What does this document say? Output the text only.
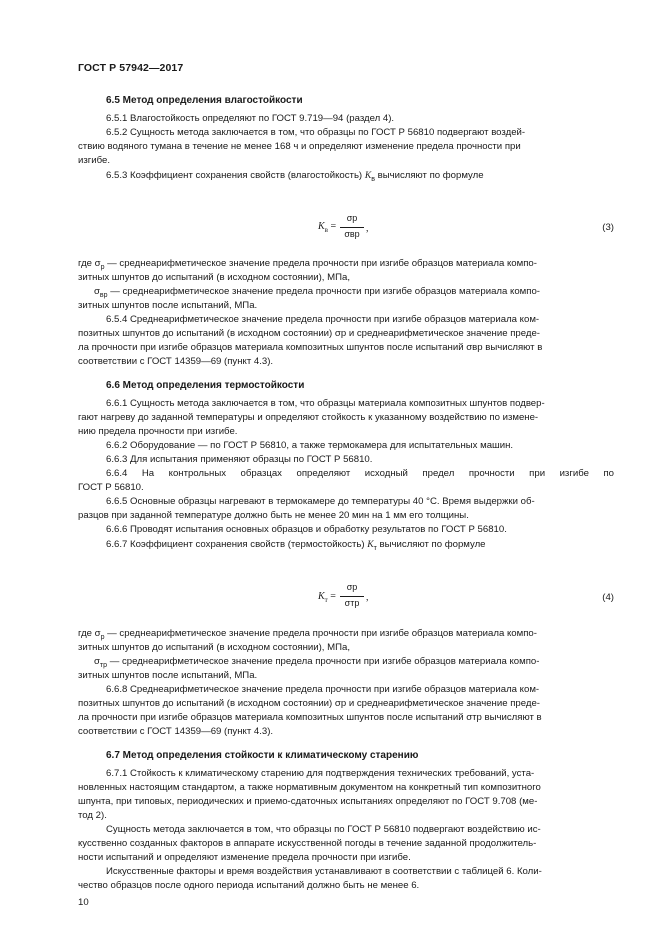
ГОСТ Р 57942—2017
6.5 Метод определения влагостойкости
6.5.1 Влагостойкость определяют по ГОСТ 9.719—94 (раздел 4).
6.5.2 Сущность метода заключается в том, что образцы по ГОСТ Р 56810 подвергают воздей-
ствию водяного тумана в течение не менее 168 ч и определяют изменение предела прочности при
изгибе.
6.5.3 Коэффициент сохранения свойств (влагостойкость) $K_в$ вычисляют по формуле
$K_в$ =
σр
σвр ,	(3)
где $\sigma_р$ — среднеарифметическое значение предела прочности при изгибе образцов материала компо-
зитных шпунтов до испытаний (в исходном состоянии), МПа,
$\sigma_{вр}$ — среднеарифметическое значение предела прочности при изгибе образцов материала компо-
зитных шпунтов после испытаний, МПа.
6.5.4 Среднеарифметическое значение предела прочности при изгибе образцов материала ком-
позитных шпунтов до испытаний (в исходном состоянии) σр и среднеарифметическое значение преде-
ла прочности при изгибе образцов материала композитных шпунтов после испытаний σвр вычисляют в
соответствии с ГОСТ 14359—69 (пункт 4.3).
6.6 Метод определения термостойкости
6.6.1 Сущность метода заключается в том, что образцы материала композитных шпунтов подвер-
гают нагреву до заданной температуры и определяют стойкость к указанному воздействию по измене-
нию предела прочности при изгибе.
6.6.2 Оборудование — по ГОСТ Р 56810, а также термокамера для испытательных машин.
6.6.3 Для испытания применяют образцы по ГОСТ Р 56810.
6.6.4 На контрольных образцах определяют исходный предел прочности при изгибе по
ГОСТ Р 56810.
6.6.5 Основные образцы нагревают в термокамере до температуры 40 °С. Время выдержки об-
разцов при заданной температуре должно быть не менее 20 мин на 1 мм его толщины.
6.6.6 Проводят испытания основных образцов и обработку результатов по ГОСТ Р 56810.
6.6.7 Коэффициент сохранения свойств (термостойкость) $K_т$ вычисляют по формуле
$K_т$ =
σр
σтр ,	(4)
где $\sigma_р$ — среднеарифметическое значение предела прочности при изгибе образцов материала компо-
зитных шпунтов до испытаний (в исходном состоянии), МПа,
$\sigma_{тр}$ — среднеарифметическое значение предела прочности при изгибе образцов материала компо-
зитных шпунтов после испытаний, МПа.
6.6.8 Среднеарифметическое значение предела прочности при изгибе образцов материала ком-
позитных шпунтов до испытаний (в исходном состоянии) σр и среднеарифметическое значение преде-
ла прочности при изгибе образцов материала композитных шпунтов после испытаний σтр вычисляют в
соответствии с ГОСТ 14359—69 (пункт 4.3).
6.7 Метод определения стойкости к климатическому старению
6.7.1 Стойкость к климатическому старению для подтверждения технических требований, уста-
новленных настоящим стандартом, а также нормативным документом на конкретный тип композитного
шпунта, при типовых, периодических и приемо-сдаточных испытаниях определяют по ГОСТ 9.708 (ме-
тод 2).
Сущность метода заключается в том, что образцы по ГОСТ Р 56810 подвергают воздействию ис-
кусственно созданных факторов в аппарате искусственной погоды в течение заданной продолжитель-
ности испытаний и определяют изменение предела прочности при изгибе.
Искусственные факторы и время воздействия устанавливают в соответствии с таблицей 6. Коли-
чество образцов после одного периода испытаний должно быть не менее 6.
10
